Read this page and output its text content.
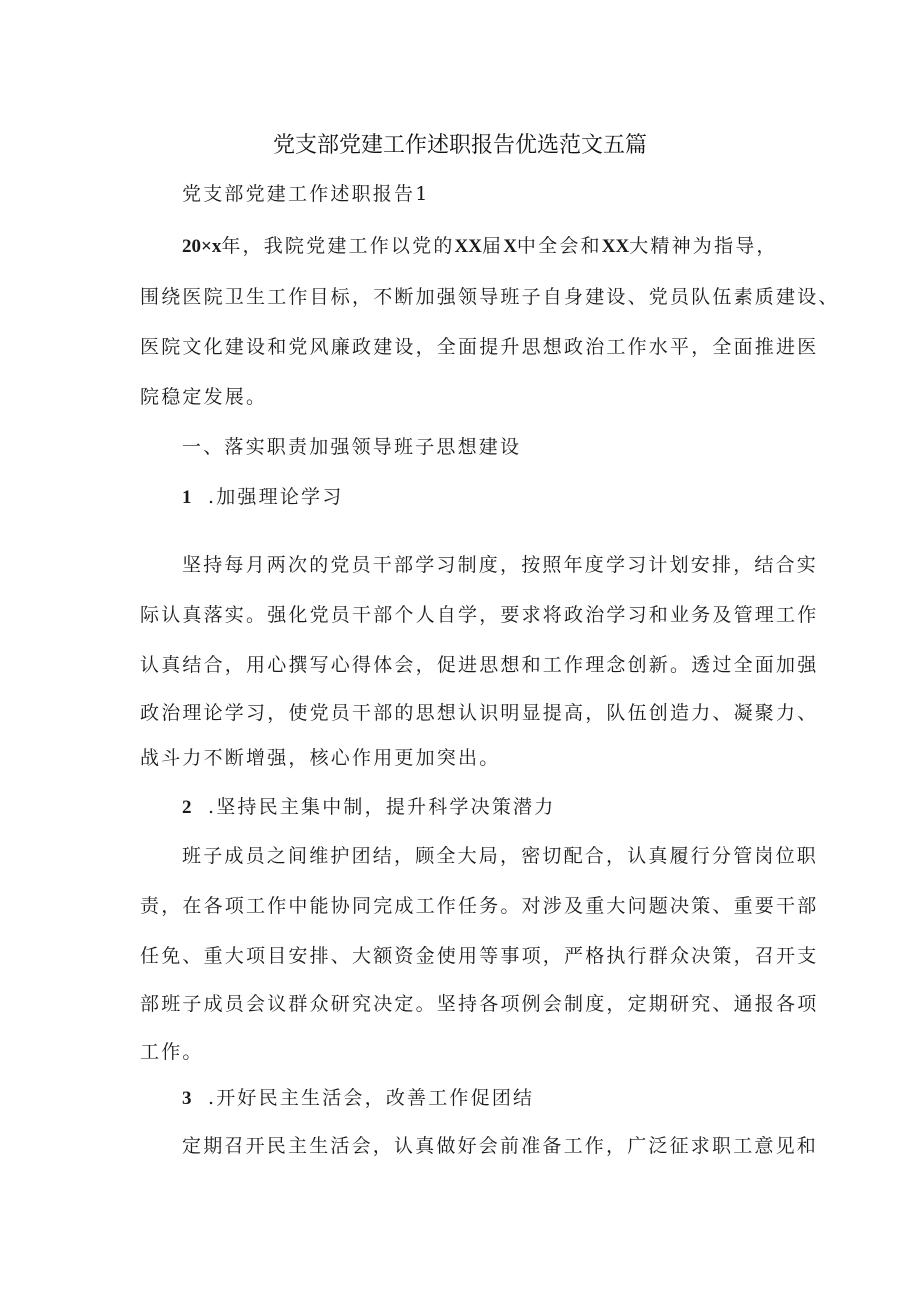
党支部党建工作述职报告优选范文五篇
党支部党建工作述职报告1
20×x年，我院党建工作以党的XX届X中全会和XX大精神为指导，
围绕医院卫生工作目标，不断加强领导班子自身建设、党员队伍素质建设、
医院文化建设和党风廉政建设，全面提升思想政治工作水平，全面推进医
院稳定发展。
一、落实职责加强领导班子思想建设
1 .加强理论学习
坚持每月两次的党员干部学习制度，按照年度学习计划安排，结合实
际认真落实。强化党员干部个人自学，要求将政治学习和业务及管理工作
认真结合，用心撰写心得体会，促进思想和工作理念创新。透过全面加强
政治理论学习，使党员干部的思想认识明显提高，队伍创造力、凝聚力、
战斗力不断增强，核心作用更加突出。
2 .坚持民主集中制，提升科学决策潜力
班子成员之间维护团结，顾全大局，密切配合，认真履行分管岗位职
责，在各项工作中能协同完成工作任务。对涉及重大问题决策、重要干部
任免、重大项目安排、大额资金使用等事项，严格执行群众决策，召开支
部班子成员会议群众研究决定。坚持各项例会制度，定期研究、通报各项
工作。
3 .开好民主生活会，改善工作促团结
定期召开民主生活会，认真做好会前准备工作，广泛征求职工意见和
